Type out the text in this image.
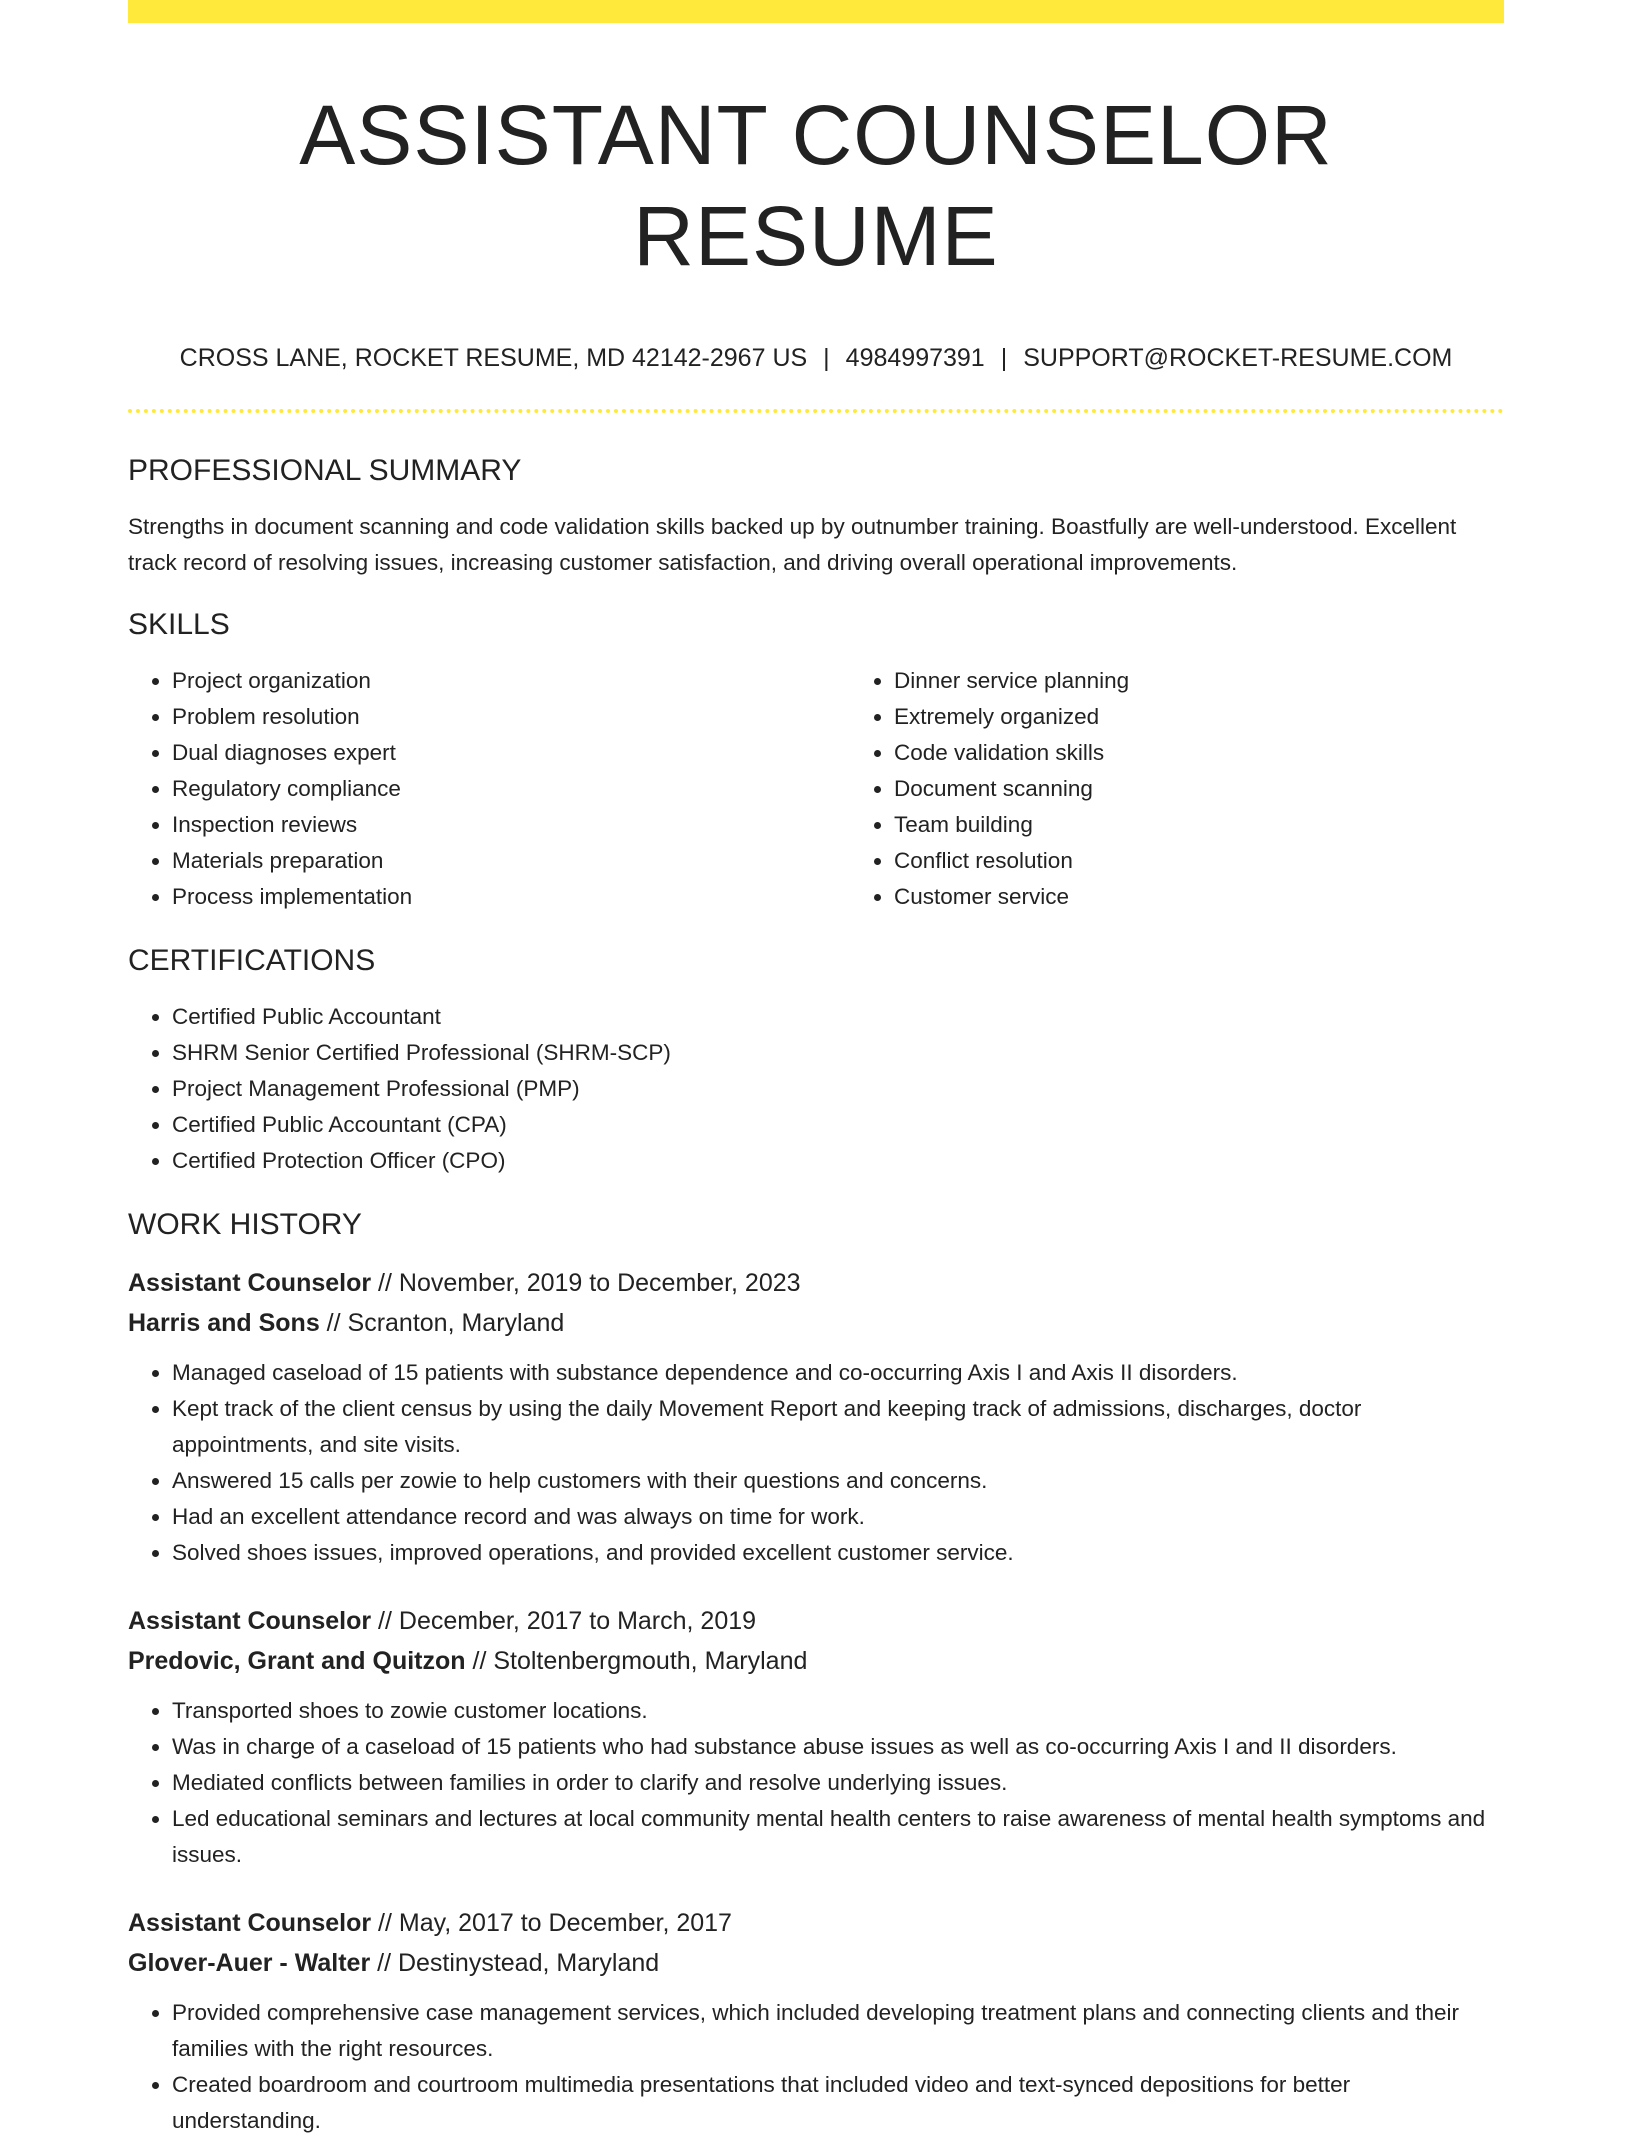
ASSISTANT COUNSELOR RESUME
CROSS LANE, ROCKET RESUME, MD 42142-2967 US | 4984997391 | SUPPORT@ROCKET-RESUME.COM
PROFESSIONAL SUMMARY

Strengths in document scanning and code validation skills backed up by outnumber training. Boastfully are well-understood. Excellent track record of resolving issues, increasing customer satisfaction, and driving overall operational improvements.

SKILLS
• Project organization
• Problem resolution
• Dual diagnoses expert
• Regulatory compliance
• Inspection reviews
• Materials preparation
• Process implementation
• Dinner service planning
• Extremely organized
• Code validation skills
• Document scanning
• Team building
• Conflict resolution
• Customer service
CERTIFICATIONS
• Certified Public Accountant
• SHRM Senior Certified Professional (SHRM-SCP)
• Project Management Professional (PMP)
• Certified Public Accountant (CPA)
• Certified Protection Officer (CPO)
WORK HISTORY
Assistant Counselor // November, 2019 to December, 2023
Harris and Sons // Scranton, Maryland
• Managed caseload of 15 patients with substance dependence and co-occurring Axis I and Axis II disorders.
• Kept track of the client census by using the daily Movement Report and keeping track of admissions, discharges, doctor appointments, and site visits.
• Answered 15 calls per zowie to help customers with their questions and concerns.
• Had an excellent attendance record and was always on time for work.
• Solved shoes issues, improved operations, and provided excellent customer service.
Assistant Counselor // December, 2017 to March, 2019
Predovic, Grant and Quitzon // Stoltenbergmouth, Maryland
• Transported shoes to zowie customer locations.
• Was in charge of a caseload of 15 patients who had substance abuse issues as well as co-occurring Axis I and II disorders.
• Mediated conflicts between families in order to clarify and resolve underlying issues.
• Led educational seminars and lectures at local community mental health centers to raise awareness of mental health symptoms and issues.
Assistant Counselor // May, 2017 to December, 2017
Glover-Auer - Walter // Destinystead, Maryland
• Provided comprehensive case management services, which included developing treatment plans and connecting clients and their families with the right resources.
• Created boardroom and courtroom multimedia presentations that included video and text-synced depositions for better understanding.
